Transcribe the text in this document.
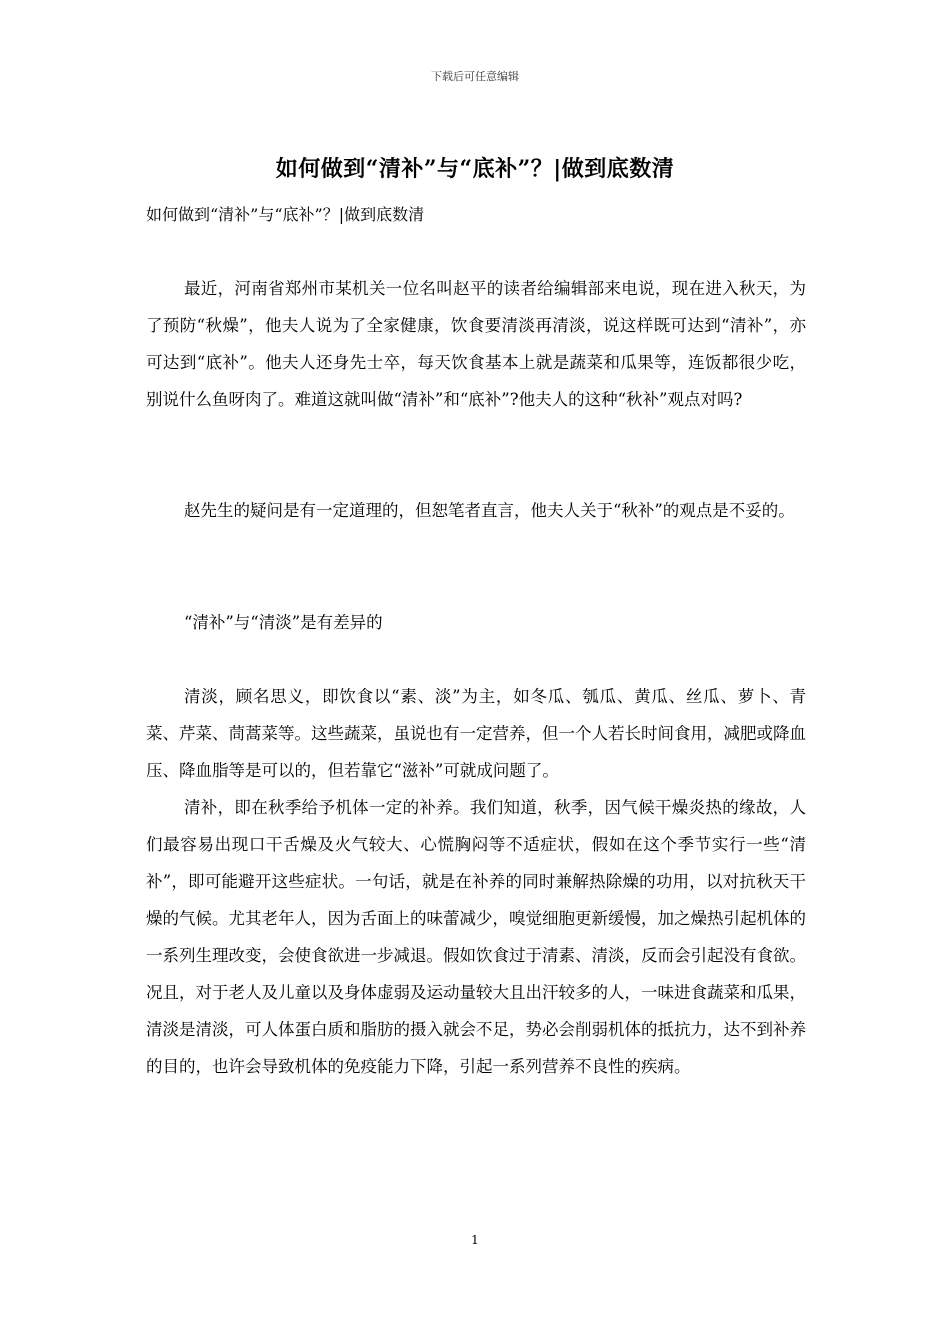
下载后可任意编辑
如何做到“清补”与“底补”？|做到底数清
如何做到“清补”与“底补”？|做到底数清

最近，河南省郑州市某机关一位名叫赵平的读者给编辑部来电说，现在进入秋天，为了预防“秋燥”，他夫人说为了全家健康，饮食要清淡再清淡，说这样既可达到“清补”，亦可达到“底补”。他夫人还身先士卒，每天饮食基本上就是蔬菜和瓜果等，连饭都很少吃，别说什么鱼呀肉了。难道这就叫做“清补”和“底补”?他夫人的这种“秋补”观点对吗?

赵先生的疑问是有一定道理的，但恕笔者直言，他夫人关于“秋补”的观点是不妥的。

“清补”与“清淡”是有差异的

清淡，顾名思义，即饮食以“素、淡”为主，如冬瓜、瓠瓜、黄瓜、丝瓜、萝卜、青菜、芹菜、茼蒿菜等。这些蔬菜，虽说也有一定营养，但一个人若长时间食用，减肥或降血压、降血脂等是可以的，但若靠它“滋补”可就成问题了。

清补，即在秋季给予机体一定的补养。我们知道，秋季，因气候干燥炎热的缘故，人们最容易出现口干舌燥及火气较大、心慌胸闷等不适症状，假如在这个季节实行一些“清补”，即可能避开这些症状。一句话，就是在补养的同时兼解热除燥的功用，以对抗秋天干燥的气候。尤其老年人，因为舌面上的味蕾减少，嗅觉细胞更新缓慢，加之燥热引起机体的一系列生理改变，会使食欲进一步减退。假如饮食过于清素、清淡，反而会引起没有食欲。况且，对于老人及儿童以及身体虚弱及运动量较大且出汗较多的人，一味进食蔬菜和瓜果，清淡是清淡，可人体蛋白质和脂肪的摄入就会不足，势必会削弱机体的抵抗力，达不到补养的目的，也许会导致机体的免疫能力下降，引起一系列营养不良性的疾病。

1
